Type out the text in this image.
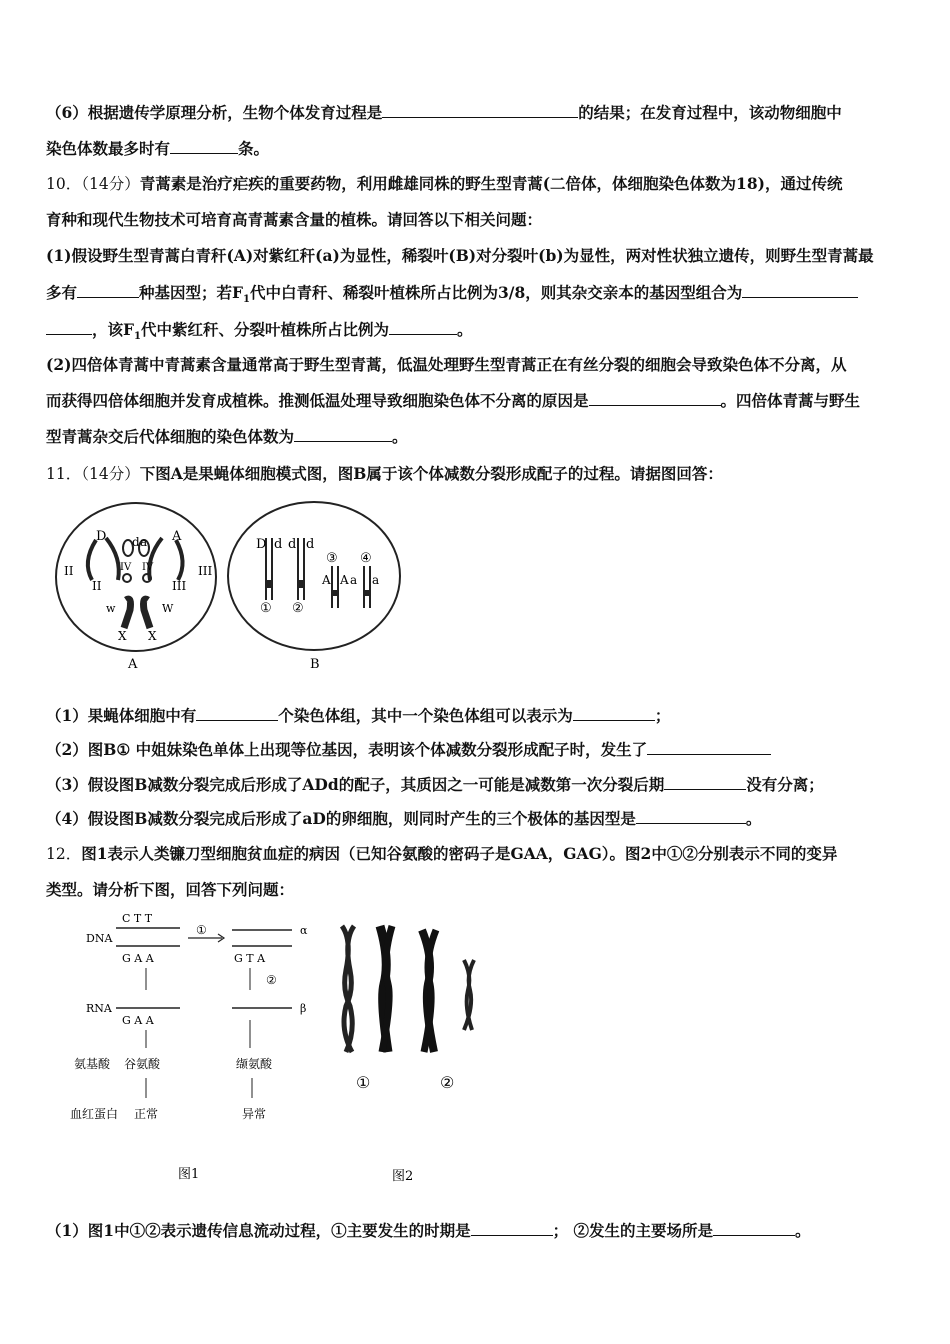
（6）根据遗传学原理分析，生物个体发育过程是	的结果；在发育过程中，该动物细胞中
染色体数最多时有	条。
10．（14分）青蒿素是治疗疟疾的重要药物，利用雌雄同株的野生型青蒿(二倍体，体细胞染色体数为18)，通过传统
育种和现代生物技术可培育高青蒿素含量的植株。请回答以下相关问题：
(1)假设野生型青蒿白青秆(A)对紫红秆(a)为显性，稀裂叶(B)对分裂叶(b)为显性，两对性状独立遗传，则野生型青蒿最
多有	种基因型；若$F_1$代中白青秆、稀裂叶植株所占比例为3/8，则其杂交亲本的基因型组合为
，该$F_1$代中紫红秆、分裂叶植株所占比例为	。
(2)四倍体青蒿中青蒿素含量通常高于野生型青蒿，低温处理野生型青蒿正在有丝分裂的细胞会导致染色体不分离，从
而获得四倍体细胞并发育成植株。推测低温处理导致细胞染色体不分离的原因是	。四倍体青蒿与野生
型青蒿杂交后代体细胞的染色体数为	。
11．（14分）下图A是果蝇体细胞模式图，图B属于该个体减数分裂形成配子的过程。请据图回答：
D d a A
II	IV IV
II	III
III
w	W
X X
A
D d d d
③ ④
A A a a
① ②
B
（1）果蝇体细胞中有	个染色体组，其中一个染色体组可以表示为	；
（2）图B① 中姐妹染色单体上出现等位基因，表明该个体减数分裂形成配子时，发生了
（3）假设图B减数分裂完成后形成了ADd的配子，其质因之一可能是减数第一次分裂后期	没有分离；
（4）假设图B减数分裂完成后形成了aD的卵细胞，则同时产生的三个极体的基因型是	。
12．图1表示人类镰刀型细胞贫血症的病因（已知谷氨酸的密码子是GAA，GAG）。图2中①②分别表示不同的变异
类型。请分析下图，回答下列问题：
DNA
C T T
G A A
①	α
G T A
②
RNA
G A A
β
氨基酸 谷氨酸	缬氨酸
血红蛋白 正常	异常
图1
①	②
图2
（1）图1中①②表示遗传信息流动过程，①主要发生的时期是	； ②发生的主要场所是	。
